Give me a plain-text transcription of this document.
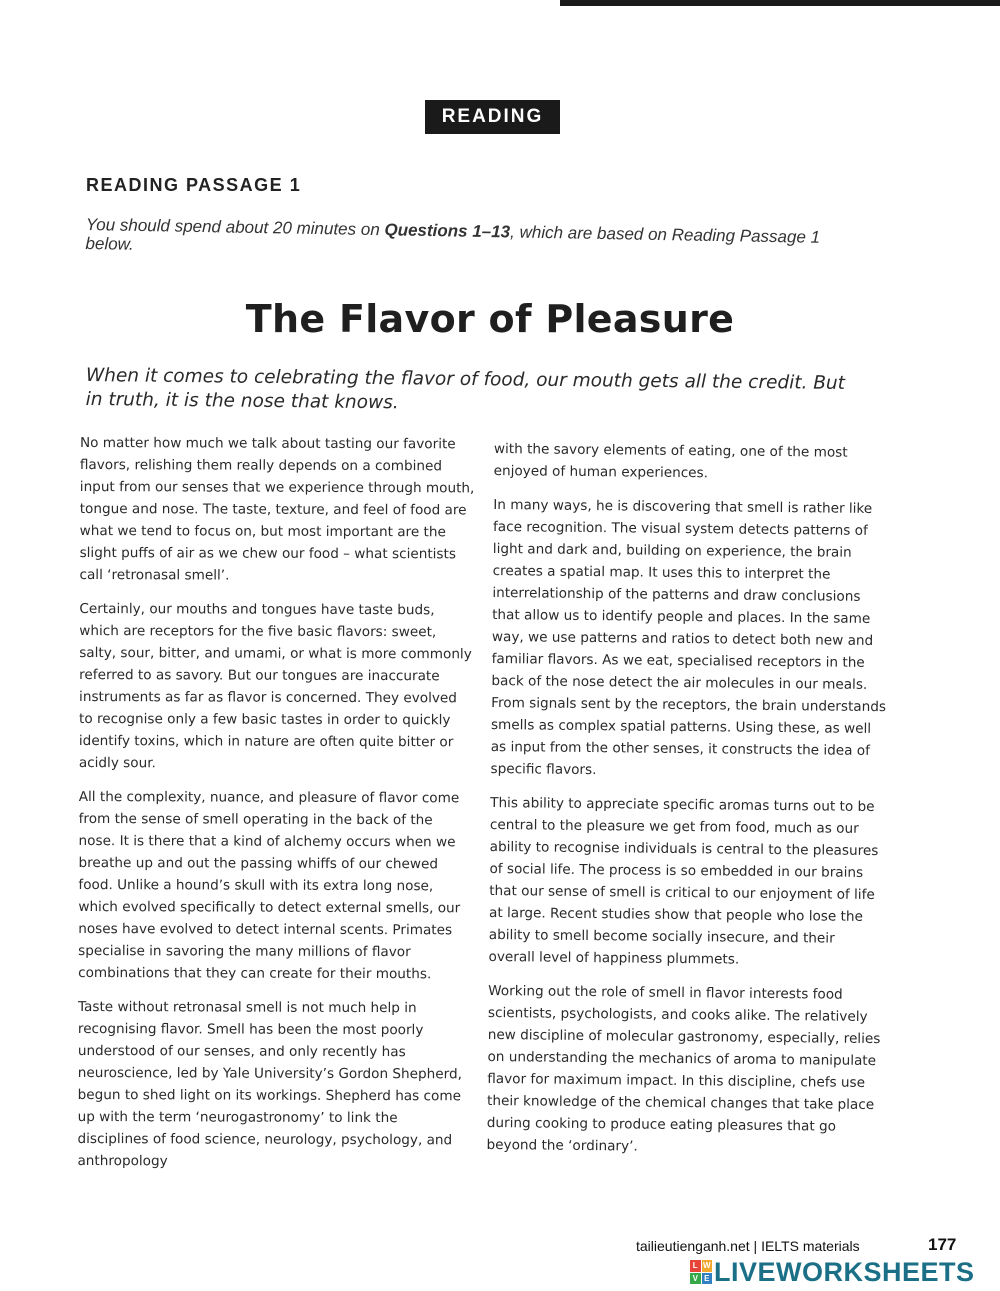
READING
READING PASSAGE 1
You should spend about 20 minutes on Questions 1–13, which are based on Reading Passage 1 below.
The Flavor of Pleasure
When it comes to celebrating the flavor of food, our mouth gets all the credit. But in truth, it is the nose that knows.

No matter how much we talk about tasting our favorite flavors, relishing them really depends on a combined input from our senses that we experience through mouth, tongue and nose. The taste, texture, and feel of food are what we tend to focus on, but most important are the slight puffs of air as we chew our food – what scientists call ‘retronasal smell’.

Certainly, our mouths and tongues have taste buds, which are receptors for the five basic flavors: sweet, salty, sour, bitter, and umami, or what is more commonly referred to as savory. But our tongues are inaccurate instruments as far as flavor is concerned. They evolved to recognise only a few basic tastes in order to quickly identify toxins, which in nature are often quite bitter or acidly sour.

All the complexity, nuance, and pleasure of flavor come from the sense of smell operating in the back of the nose. It is there that a kind of alchemy occurs when we breathe up and out the passing whiffs of our chewed food. Unlike a hound’s skull with its extra long nose, which evolved specifically to detect external smells, our noses have evolved to detect internal scents. Primates specialise in savoring the many millions of flavor combinations that they can create for their mouths.

Taste without retronasal smell is not much help in recognising flavor. Smell has been the most poorly understood of our senses, and only recently has neuroscience, led by Yale University’s Gordon Shepherd, begun to shed light on its workings. Shepherd has come up with the term ‘neurogastronomy’ to link the disciplines of food science, neurology, psychology, and anthropology

with the savory elements of eating, one of the most enjoyed of human experiences.

In many ways, he is discovering that smell is rather like face recognition. The visual system detects patterns of light and dark and, building on experience, the brain creates a spatial map. It uses this to interpret the interrelationship of the patterns and draw conclusions that allow us to identify people and places. In the same way, we use patterns and ratios to detect both new and familiar flavors. As we eat, specialised receptors in the back of the nose detect the air molecules in our meals. From signals sent by the receptors, the brain understands smells as complex spatial patterns. Using these, as well as input from the other senses, it constructs the idea of specific flavors.

This ability to appreciate specific aromas turns out to be central to the pleasure we get from food, much as our ability to recognise individuals is central to the pleasures of social life. The process is so embedded in our brains that our sense of smell is critical to our enjoyment of life at large. Recent studies show that people who lose the ability to smell become socially insecure, and their overall level of happiness plummets.

Working out the role of smell in flavor interests food scientists, psychologists, and cooks alike. The relatively new discipline of molecular gastronomy, especially, relies on understanding the mechanics of aroma to manipulate flavor for maximum impact. In this discipline, chefs use their knowledge of the chemical changes that take place during cooking to produce eating pleasures that go beyond the ‘ordinary’.

tailieutienganh.net | IELTS materials	177
L W
V E LIVEWORKSHEETS
